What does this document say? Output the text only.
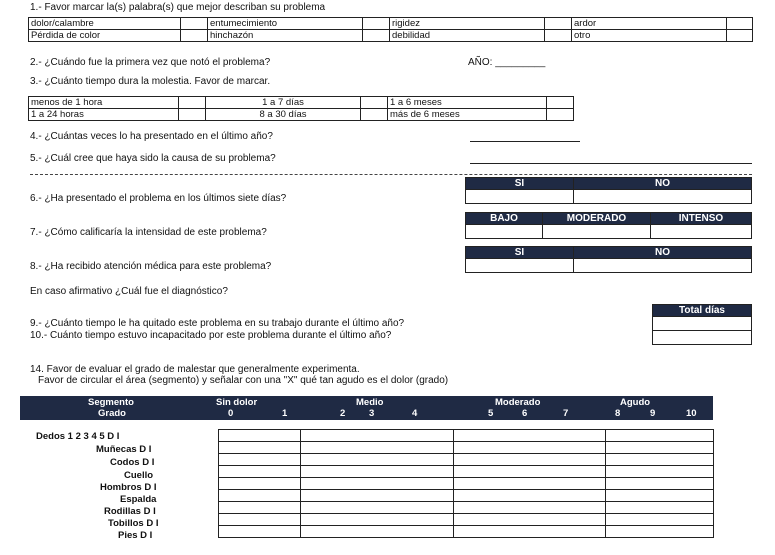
1.- Favor marcar la(s) palabra(s) que mejor describan su problema
dolor/calambre		entumecimiento		rigidez		ardor	
Pérdida de color		hinchazón		debilidad		otro	
2.- ¿Cuándo fue la primera vez que notó el problema?	AÑO: _________
3.- ¿Cuánto tiempo dura la molestia. Favor de marcar.
menos de 1 hora		1 a 7 días		1 a 6 meses	
1 a 24 horas		8 a 30 días		más de 6 meses	
4.- ¿Cuántas veces lo ha presentado en el último año?
5.- ¿Cuál cree que haya sido la causa de su problema?
SI	NO

6.- ¿Ha presentado el problema en los últimos siete días?
BAJO	MODERADO	INTENSO

7.- ¿Cómo calificaría la intensidad de este problema?
SI	NO

8.- ¿Ha recibido atención médica para este problema?
En caso afirmativo ¿Cuál fue el diagnóstico?
Total días

9.- ¿Cuánto tiempo le ha quitado este problema en su trabajo durante el último año?
10.- Cuánto tiempo estuvo incapacitado por este problema durante el último año?
14. Favor de evaluar el grado de malestar que generalmente experimenta.
Favor de circular el área (segmento) y señalar con una "X" qué tan agudo es el dolor (grado)
Segmento
Grado
Sin dolor	Medio	Moderado	Agudo
0	1	2 3	4	5	6	7	8	9	10

Dedos 1 2 3 4 5 D I
Muñecas D I
Codos D I
Cuello
Hombros D I
Espalda
Rodillas D I
Tobillos D I
Pies D I
